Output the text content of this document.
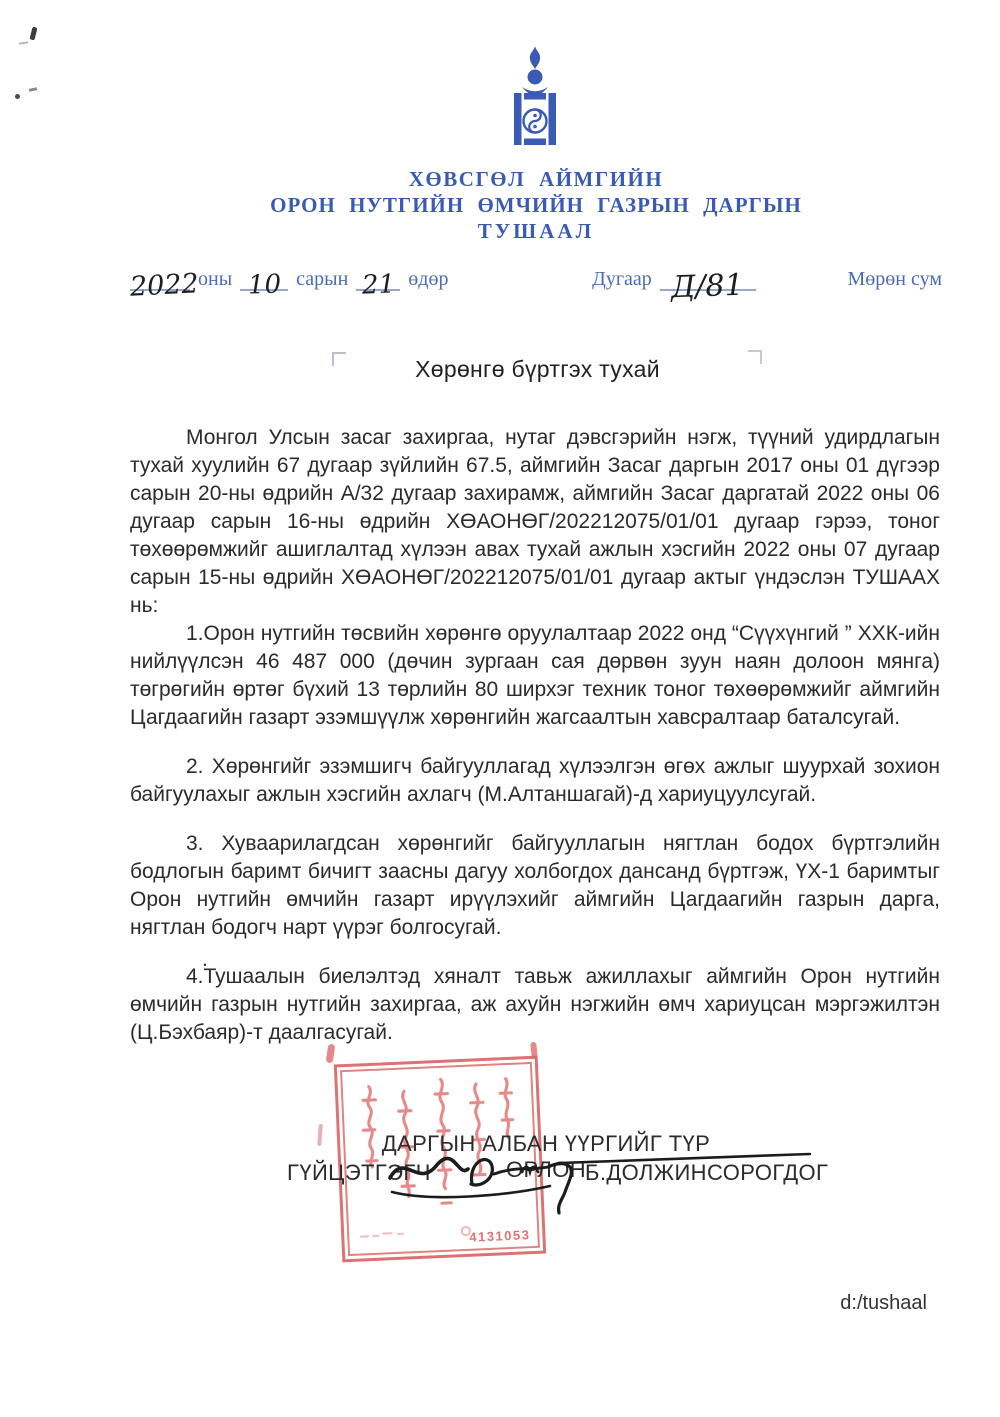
ХӨВСГӨЛ АЙМГИЙН
ОРОН НУТГИЙН ӨМЧИЙН ГАЗРЫН ДАРГЫН
ТУШААЛ
2022
оны 10 сарын 21 өдөр	Дугаар Д/81	Мөрөн сум
Хөрөнгө бүртгэх тухай

Монгол Улсын засаг захиргаа, нутаг дэвсгэрийн нэгж, түүний удирдлагын тухай хуулийн 67 дугаар зүйлийн 67.5, аймгийн Засаг даргын 2017 оны 01 дүгээр сарын 20-ны өдрийн А/32 дугаар захирамж, аймгийн Засаг даргатай 2022 оны 06 дугаар сарын 16-ны өдрийн ХӨАОНӨГ/202212075/01/01 дугаар гэрээ, тоног төхөөрөмжийг ашиглалтад хүлээн авах тухай ажлын хэсгийн 2022 оны 07 дугаар сарын 15-ны өдрийн ХӨАОНӨГ/202212075/01/01 дугаар актыг үндэслэн ТУШААХ нь:

1.Орон нутгийн төсвийн хөрөнгө оруулалтаар 2022 онд “Сүүхүнгий ” ХХК-ийн нийлүүлсэн 46 487 000 (дөчин зургаан сая дөрвөн зуун наян долоон мянга) төгрөгийн өртөг бүхий 13 төрлийн 80 ширхэг техник тоног төхөөрөмжийг аймгийн Цагдаагийн газарт эзэмшүүлж хөрөнгийн жагсаалтын хавсралтаар баталсугай.

2. Хөрөнгийг эзэмшигч байгууллагад хүлээлгэн өгөх ажлыг шуурхай зохион байгуулахыг ажлын хэсгийн ахлагч (М.Алтаншагай)-д хариуцуулсугай.

3. Хуваарилагдсан хөрөнгийг байгууллагын нягтлан бодох бүртгэлийн бодлогын баримт бичигт заасны дагуу холбогдох дансанд бүртгэж, ҮХ-1 баримтыг Орон нутгийн өмчийн газарт ирүүлэхийг аймгийн Цагдаагийн газрын дарга, нягтлан бодогч нарт үүрэг болгосугай.

4.Тушаалын биелэлтэд хяналт тавьж ажиллахыг аймгийн Орон нутгийн өмчийн газрын нутгийн захиргаа, аж ахуйн нэгжийн өмч хариуцсан мэргэжилтэн (Ц.Бэхбаяр)-т даалгасугай.

.
4131053
ДАРГЫН АЛБАН ҮҮРГИЙГ ТҮР ОРЛОН
ГҮЙЦЭТГЭГЧ	Б.ДОЛЖИНСОРОГДОГ
d:/tushaal
